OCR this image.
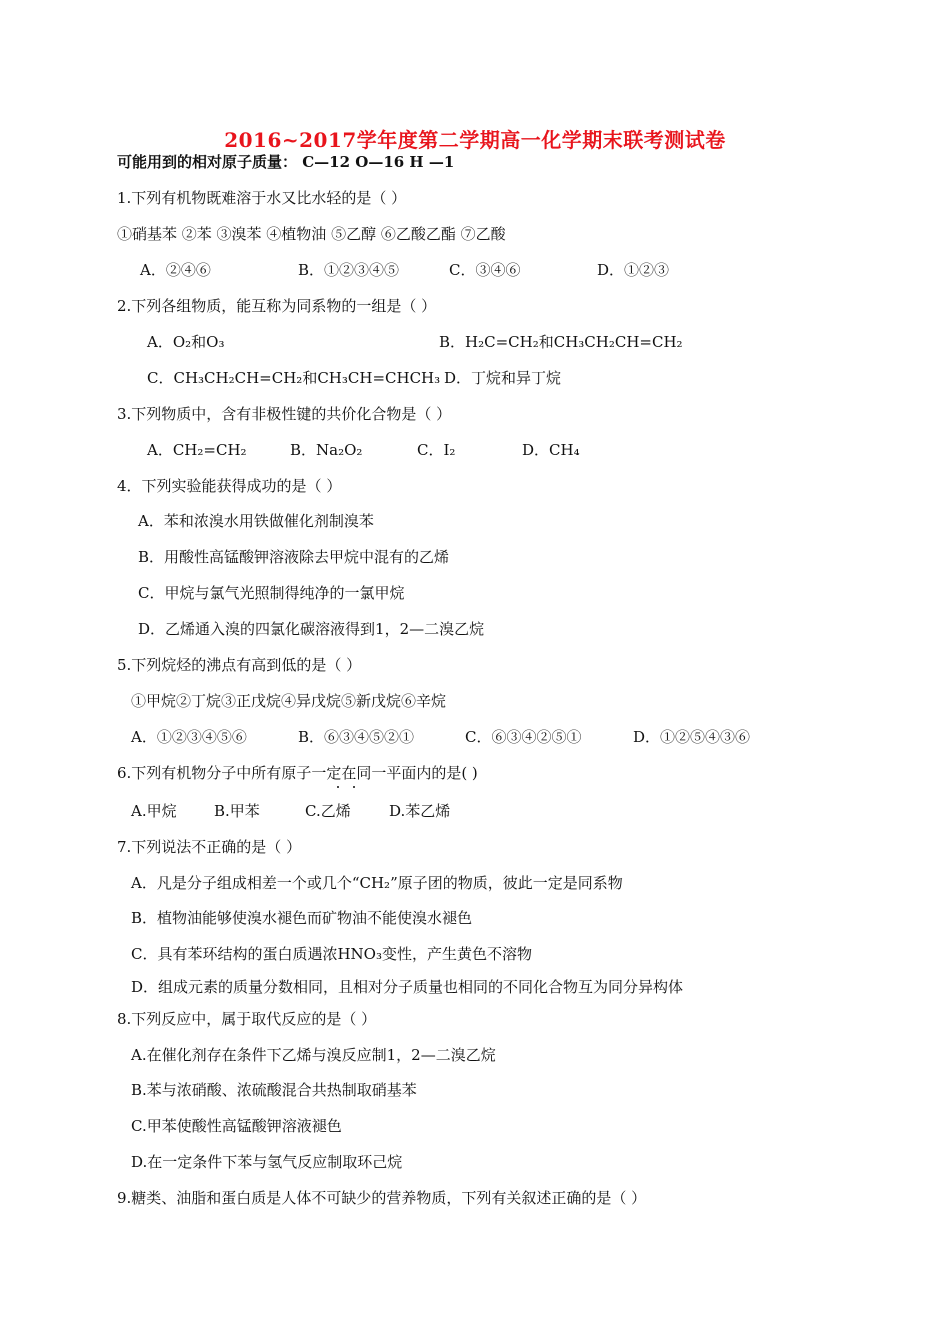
2016~2017学年度第二学期高一化学期末联考测试卷
可能用到的相对原子质量： C—12 O—16 H —1
1.下列有机物既难溶于水又比水轻的是（ ）
①硝基苯 ②苯 ③溴苯 ④植物油 ⑤乙醇 ⑥乙酸乙酯 ⑦乙酸
A．②④⑥	B．①②③④⑤	C．③④⑥	D．①②③
2.下列各组物质，能互称为同系物的一组是（ ）
A．O₂和O₃	B．H₂C=CH₂和CH₃CH₂CH=CH₂
C．CH₃CH₂CH=CH₂和CH₃CH=CHCH₃ D．丁烷和异丁烷
3.下列物质中，含有非极性键的共价化合物是（ ）
A．CH₂=CH₂	B．Na₂O₂	C．I₂	D．CH₄
4．下列实验能获得成功的是（ ）
A．苯和浓溴水用铁做催化剂制溴苯
B．用酸性高锰酸钾溶液除去甲烷中混有的乙烯
C．甲烷与氯气光照制得纯净的一氯甲烷
D．乙烯通入溴的四氯化碳溶液得到1，2—二溴乙烷
5.下列烷烃的沸点有高到低的是（ ）
①甲烷②丁烷③正戊烷④异戊烷⑤新戊烷⑥辛烷
A．①②③④⑤⑥	B．⑥③④⑤②①	C．⑥③④②⑤①	D．①②⑤④③⑥
6.下列有机物分子中所有原子一定在同一平面内的是( )
A.甲烷 B.甲苯	C.乙烯	D.苯乙烯
7.下列说法不正确的是（ ）
A．凡是分子组成相差一个或几个“CH₂”原子团的物质，彼此一定是同系物
B．植物油能够使溴水褪色而矿物油不能使溴水褪色
C．具有苯环结构的蛋白质遇浓HNO₃变性，产生黄色不溶物
D．组成元素的质量分数相同，且相对分子质量也相同的不同化合物互为同分异构体
8.下列反应中，属于取代反应的是（ ）
A.在催化剂存在条件下乙烯与溴反应制1，2—二溴乙烷
B.苯与浓硝酸、浓硫酸混合共热制取硝基苯
C.甲苯使酸性高锰酸钾溶液褪色
D.在一定条件下苯与氢气反应制取环己烷
9.糖类、油脂和蛋白质是人体不可缺少的营养物质，下列有关叙述正确的是（ ）
